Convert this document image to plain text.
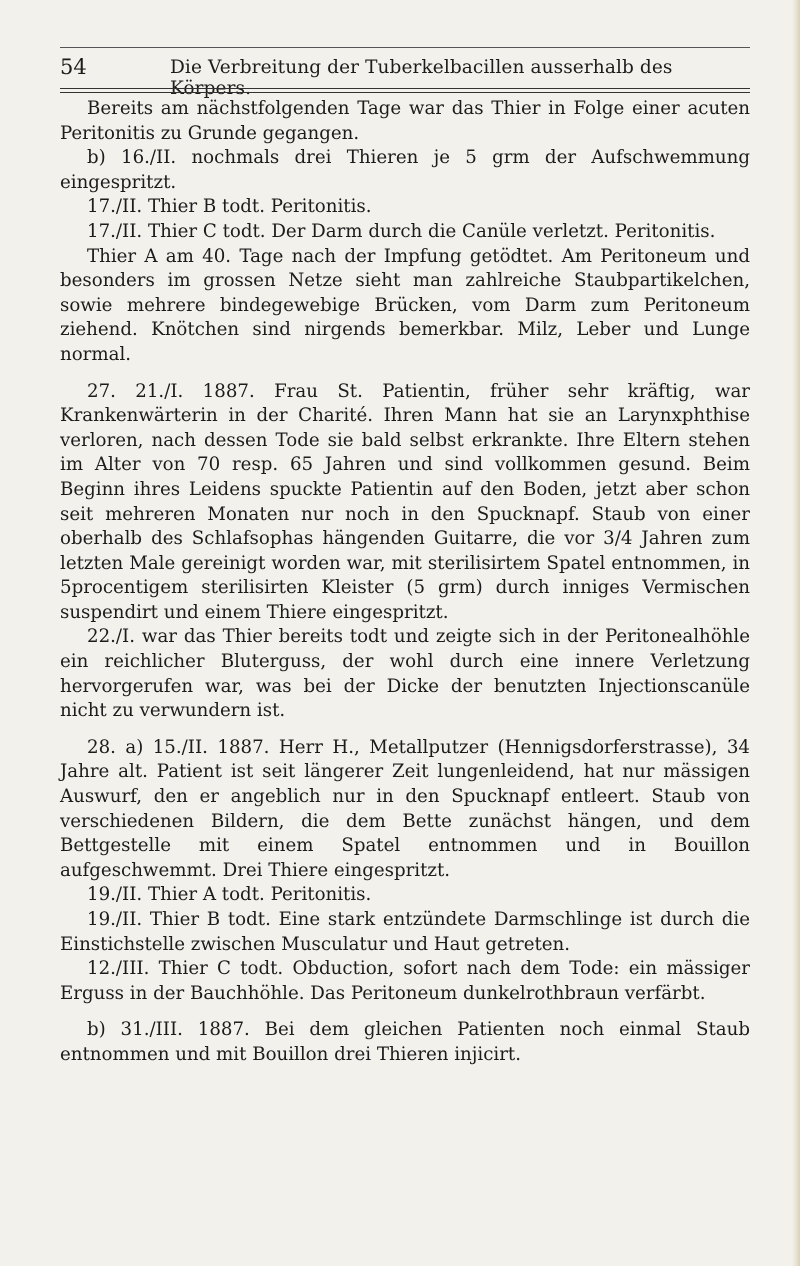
54	Die Verbreitung der Tuberkelbacillen ausserhalb des Körpers.

Bereits am nächstfolgenden Tage war das Thier in Folge einer acuten Peritonitis zu Grunde gegangen.

b) 16./II. nochmals drei Thieren je 5 grm der Aufschwemmung eingespritzt.

17./II. Thier B todt. Peritonitis.

17./II. Thier C todt. Der Darm durch die Canüle verletzt. Peritonitis.

Thier A am 40. Tage nach der Impfung getödtet. Am Peritoneum und besonders im grossen Netze sieht man zahlreiche Staubpartikelchen, sowie mehrere bindegewebige Brücken, vom Darm zum Peritoneum ziehend. Knötchen sind nirgends bemerkbar. Milz, Leber und Lunge normal.

27. 21./I. 1887. Frau St. Patientin, früher sehr kräftig, war Krankenwärterin in der Charité. Ihren Mann hat sie an Larynxphthise verloren, nach dessen Tode sie bald selbst erkrankte. Ihre Eltern stehen im Alter von 70 resp. 65 Jahren und sind vollkommen gesund. Beim Beginn ihres Leidens spuckte Patientin auf den Boden, jetzt aber schon seit mehreren Monaten nur noch in den Spucknapf. Staub von einer oberhalb des Schlafsophas hängenden Guitarre, die vor 3/4 Jahren zum letzten Male gereinigt worden war, mit sterilisirtem Spatel entnommen, in 5procentigem sterilisirten Kleister (5 grm) durch inniges Vermischen suspendirt und einem Thiere eingespritzt.

22./I. war das Thier bereits todt und zeigte sich in der Peritonealhöhle ein reichlicher Bluterguss, der wohl durch eine innere Verletzung hervorgerufen war, was bei der Dicke der benutzten Injectionscanüle nicht zu verwundern ist.

28. a) 15./II. 1887. Herr H., Metallputzer (Hennigsdorferstrasse), 34 Jahre alt. Patient ist seit längerer Zeit lungenleidend, hat nur mässigen Auswurf, den er angeblich nur in den Spucknapf entleert. Staub von verschiedenen Bildern, die dem Bette zunächst hängen, und dem Bettgestelle mit einem Spatel entnommen und in Bouillon aufgeschwemmt. Drei Thiere eingespritzt.

19./II. Thier A todt. Peritonitis.

19./II. Thier B todt. Eine stark entzündete Darmschlinge ist durch die Einstichstelle zwischen Musculatur und Haut getreten.

12./III. Thier C todt. Obduction, sofort nach dem Tode: ein mässiger Erguss in der Bauchhöhle. Das Peritoneum dunkelrothbraun verfärbt.

b) 31./III. 1887. Bei dem gleichen Patienten noch einmal Staub entnommen und mit Bouillon drei Thieren injicirt.
